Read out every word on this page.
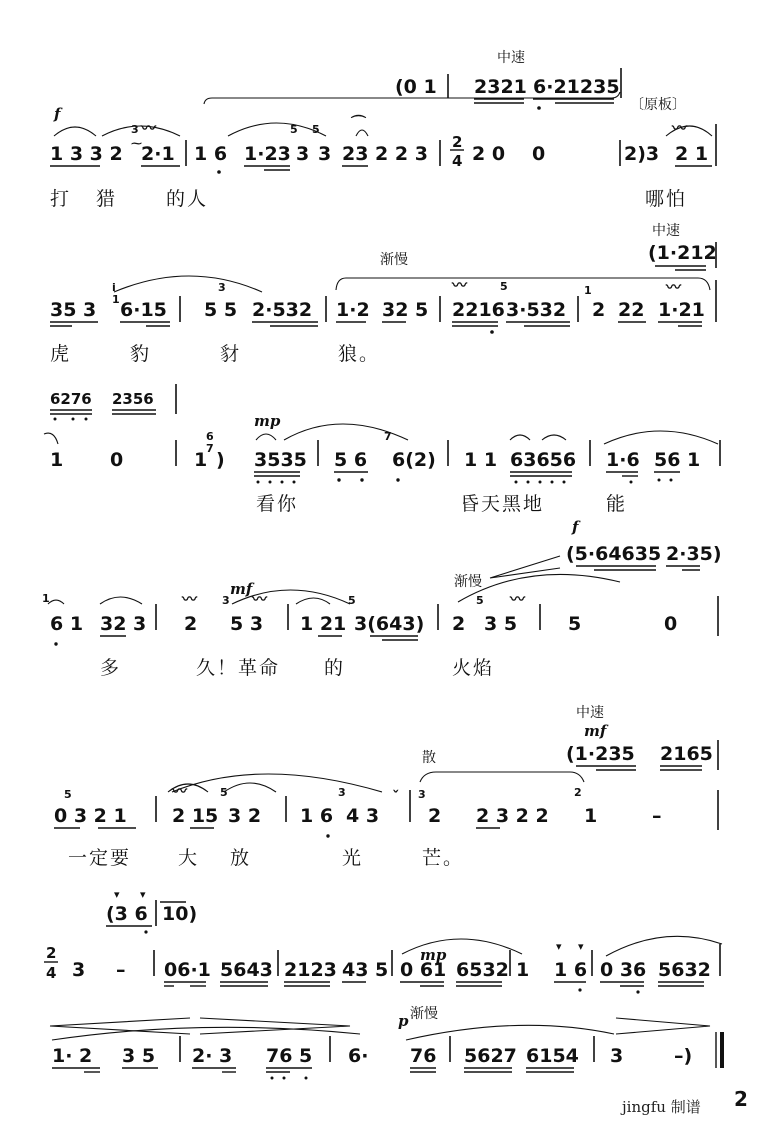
中速
(0 1 2321 6·21235
〔原板〕
f
1 3 3 2
3
⁓
〰
2·1 1 6 1·23
5
3
5
3 23 2 2 3
⌒
2
4 2 0 0	2)3
〰
2 1
打 猎	的人	哪怕
中速
渐慢	(1·212
35 3
i
1 6·15
3
5 5 2·532 1·2 32 5
〰
2216
5
3·532
1
2 22
〰
1·21
虎	豹	豺	狼。
6276 2356
mp
1 0	1
6
7
) 3535 5 6
7
6(2) 1 1 63656 1·6 56 1
看你	昏天黑地	能
f
(5·64635 2·35)
渐慢
mf
1
6 1 32 3
〰
2
3 〰
5 3 1 21
5
3(643) 2
5 〰
3 5	5	0
多	久！革命 的	火焰
中速
mf
(1·235 2165
散
5
0 3 2 1
〰
2 15
5
3 2 1 6
3
4 3
ˇ 3
2 2 3 2 2
2
1	–
一定要 大 放	光	芒。
▾ ▾
(3 6 10)
mp
2
4 3 – 06·1 5643 2123 43 5 0 61 6532 1
▾ ▾
1 6 0 36 5632
p 渐慢
1· 2 3 5 2· 3 76 5 6· 76 5627 6154 3	–)
jingfu 制谱 2
